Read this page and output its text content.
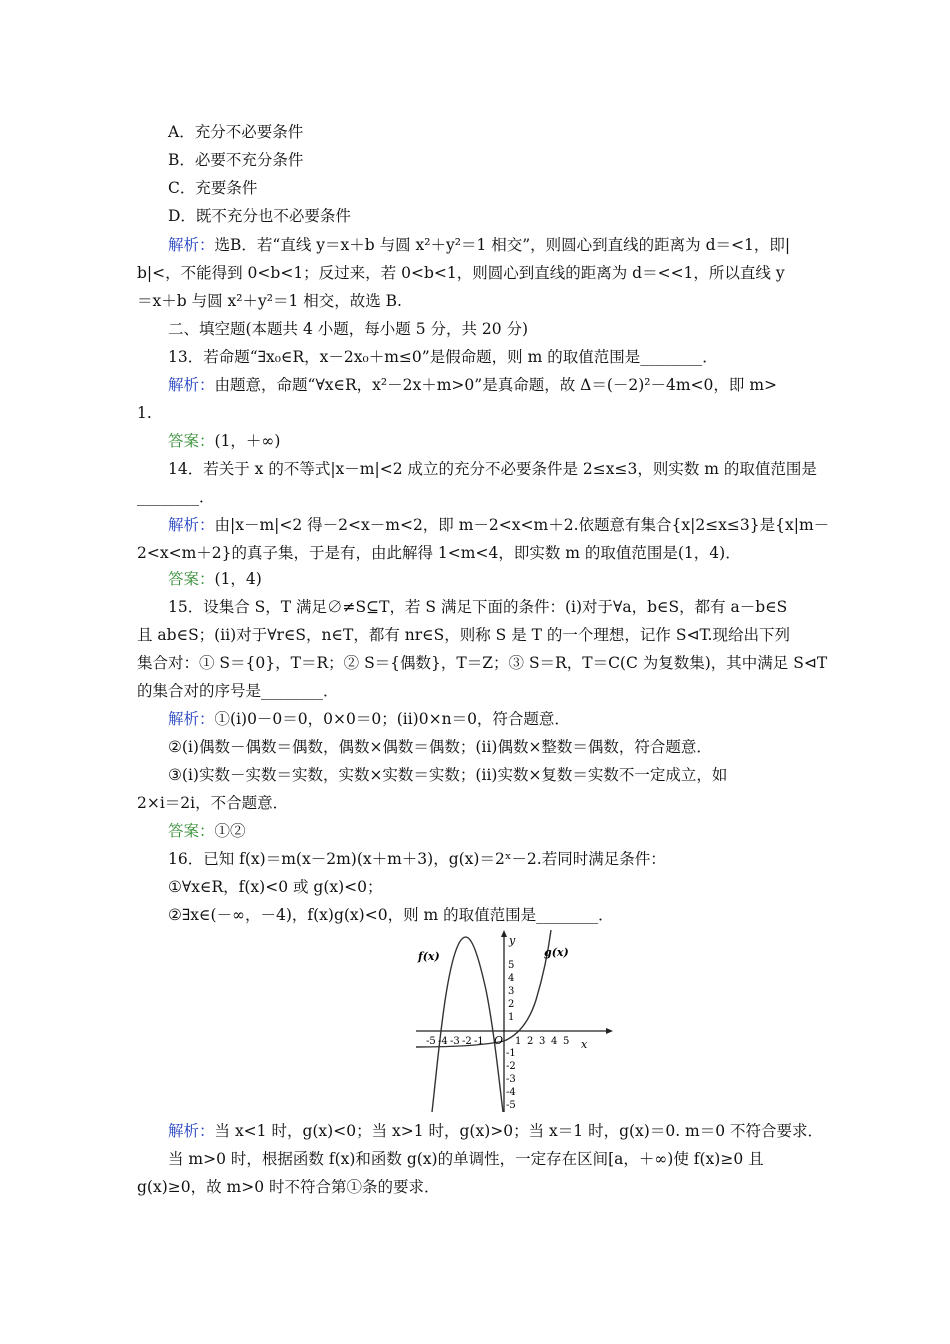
A．充分不必要条件
B．必要不充分条件
C．充要条件
D．既不充分也不必要条件
解析：选B．若“直线 y＝x＋b 与圆 x²＋y²＝1 相交”，则圆心到直线的距离为 d＝<1，即|
b|<，不能得到 0<b<1；反过来，若 0<b<1，则圆心到直线的距离为 d＝<<1，所以直线 y
＝x＋b 与圆 x²＋y²＝1 相交，故选 B.
二、填空题(本题共 4 小题，每小题 5 分，共 20 分)
13．若命题“∃x₀∈R，x－2x₀＋m≤0”是假命题，则 m 的取值范围是________．
解析：由题意，命题“∀x∈R，x²－2x＋m>0”是真命题，故 Δ＝(－2)²－4m<0，即 m>
1.
答案：(1，＋∞)
14．若关于 x 的不等式|x－m|<2 成立的充分不必要条件是 2≤x≤3，则实数 m 的取值范围是
________．
解析：由|x－m|<2 得－2<x－m<2，即 m－2<x<m＋2.依题意有集合{x|2≤x≤3}是{x|m－
2<x<m＋2}的真子集，于是有，由此解得 1<m<4，即实数 m 的取值范围是(1，4)．
答案：(1，4)
15．设集合 S，T 满足∅≠S⊆T，若 S 满足下面的条件：(ⅰ)对于∀a，b∈S，都有 a－b∈S
且 ab∈S；(ⅱ)对于∀r∈S，n∈T，都有 nr∈S，则称 S 是 T 的一个理想，记作 S⊲T.现给出下列
集合对：① S＝{0}，T＝R；② S＝{偶数}，T＝Z；③ S＝R，T＝C(C 为复数集)，其中满足 S⊲T
的集合对的序号是________．
解析：①(ⅰ)0－0＝0，0×0＝0；(ⅱ)0×n＝0，符合题意．
②(ⅰ)偶数－偶数＝偶数，偶数×偶数＝偶数；(ⅱ)偶数×整数＝偶数，符合题意．
③(ⅰ)实数－实数＝实数，实数×实数＝实数；(ⅱ)实数×复数＝实数不一定成立，如
2×i＝2i，不合题意．
答案：①②
16．已知 f(x)＝m(x－2m)(x＋m＋3)，g(x)＝2ˣ－2.若同时满足条件：
①∀x∈R，f(x)<0 或 g(x)<0；
②∃x∈(－∞，－4)，f(x)g(x)<0，则 m 的取值范围是________．
f(x)	g(x)
x
y
O
-5 -4 -3 -2 -1	1 2 3 4 5
5
4
3
2
1
-1
-2
-3
-4
-5
解析：当 x<1 时，g(x)<0；当 x>1 时，g(x)>0；当 x＝1 时，g(x)＝0. m＝0 不符合要求．
当 m>0 时，根据函数 f(x)和函数 g(x)的单调性，一定存在区间[a，＋∞)使 f(x)≥0 且
g(x)≥0，故 m>0 时不符合第①条的要求．
